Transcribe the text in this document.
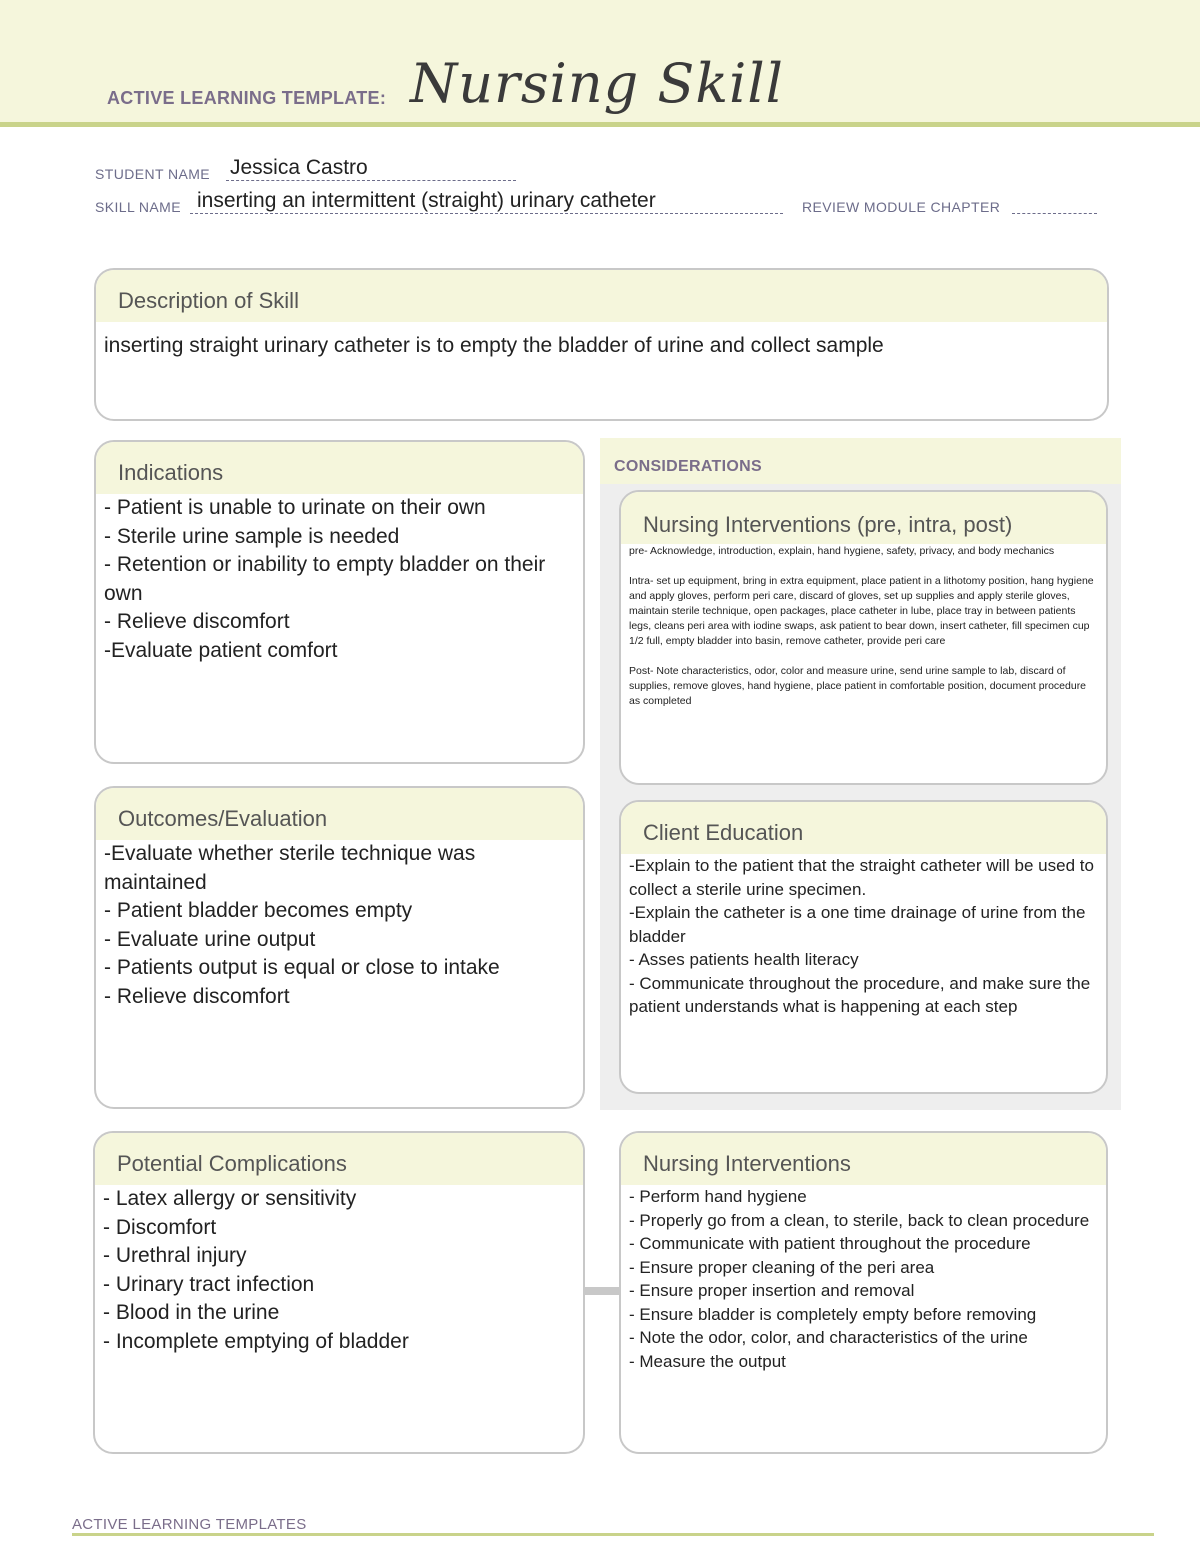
ACTIVE LEARNING TEMPLATE: Nursing Skill
STUDENT NAME Jessica Castro
SKILL NAME inserting an intermittent (straight) urinary catheter	REVIEW MODULE CHAPTER
Description of Skill
inserting straight urinary catheter is to empty the bladder of urine and collect sample
Indications
- Patient is unable to urinate on their own
- Sterile urine sample is needed
- Retention or inability to empty bladder on their own
- Relieve discomfort
-Evaluate patient comfort
CONSIDERATIONS
Nursing Interventions (pre, intra, post)
pre- Acknowledge, introduction, explain, hand hygiene, safety, privacy, and body mechanics

Intra- set up equipment, bring in extra equipment, place patient in a lithotomy position, hang hygiene and apply gloves, perform peri care, discard of gloves, set up supplies and apply sterile gloves, maintain sterile technique, open packages, place catheter in lube, place tray in between patients legs, cleans peri area with iodine swaps, ask patient to bear down, insert catheter, fill specimen cup 1/2 full, empty bladder into basin, remove catheter, provide peri care

Post- Note characteristics, odor, color and measure urine, send urine sample to lab, discard of supplies, remove gloves, hand hygiene, place patient in comfortable position, document procedure as completed
Outcomes/Evaluation
-Evaluate whether sterile technique was maintained
- Patient bladder becomes empty
- Evaluate urine output
- Patients output is equal or close to intake
- Relieve discomfort
Client Education
-Explain to the patient that the straight catheter will be used to collect a sterile urine specimen.
-Explain the catheter is a one time drainage of urine from the bladder
- Asses patients health literacy
- Communicate throughout the procedure, and make sure the patient understands what is happening at each step
Potential Complications
- Latex allergy or sensitivity
- Discomfort
- Urethral injury
- Urinary tract infection
- Blood in the urine
- Incomplete emptying of bladder
Nursing Interventions
- Perform hand hygiene
- Properly go from a clean, to sterile, back to clean procedure
- Communicate with patient throughout the procedure
- Ensure proper cleaning of the peri area
- Ensure proper insertion and removal
- Ensure bladder is completely empty before removing
- Note the odor, color, and characteristics of the urine
- Measure the output
ACTIVE LEARNING TEMPLATES
